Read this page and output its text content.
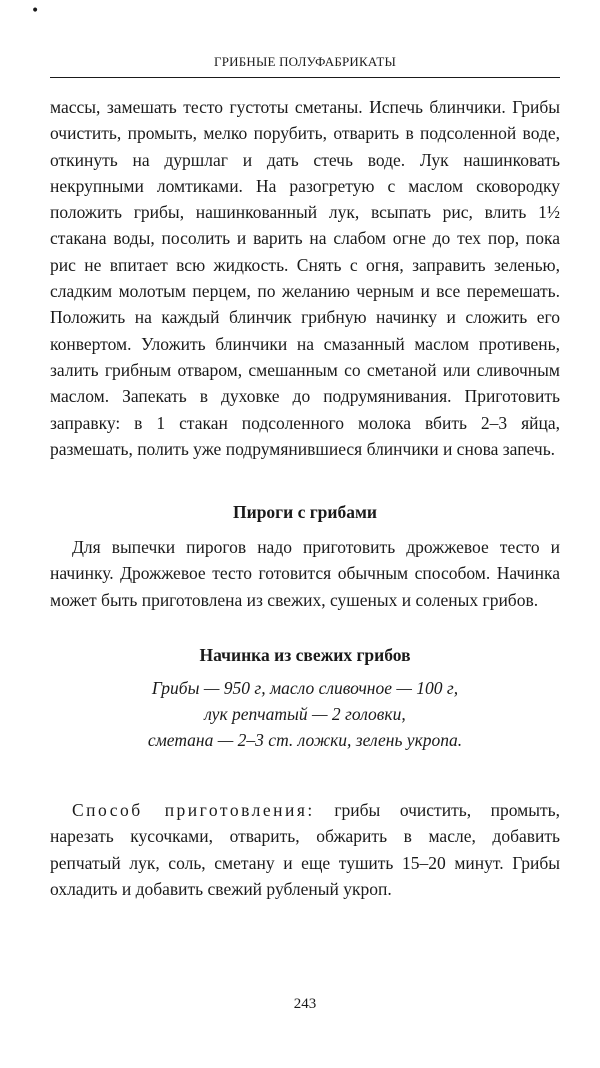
•
ГРИБНЫЕ ПОЛУФАБРИКАТЫ

массы, замешать тесто густоты сметаны. Испечь блинчики. Грибы очистить, промыть, мелко порубить, отварить в подсоленной воде, откинуть на дуршлаг и дать стечь воде. Лук нашинковать некрупными ломтиками. На разогретую с маслом сковородку положить грибы, нашинкованный лук, всыпать рис, влить 1½ стакана воды, посолить и варить на слабом огне до тех пор, пока рис не впитает всю жидкость. Снять с огня, заправить зеленью, сладким молотым перцем, по желанию черным и все перемешать. Положить на каждый блинчик грибную начинку и сложить его конвертом. Уложить блинчики на смазанный маслом противень, залить грибным отваром, смешанным со сметаной или сливочным маслом. Запекать в духовке до подрумянивания. Приготовить заправку: в 1 стакан подсоленного молока вбить 2–3 яйца, размешать, полить уже подрумянившиеся блинчики и снова запечь.

Пироги с грибами

Для выпечки пирогов надо приготовить дрожжевое тесто и начинку. Дрожжевое тесто готовится обычным способом. Начинка может быть приготовлена из свежих, сушеных и соленых грибов.

Начинка из свежих грибов
Грибы — 950 г, масло сливочное — 100 г,
лук репчатый — 2 головки,
сметана — 2–3 ст. ложки, зелень укропа.

Способ приготовления: грибы очистить, промыть, нарезать кусочками, отварить, обжарить в масле, добавить репчатый лук, соль, сметану и еще тушить 15–20 минут. Грибы охладить и добавить свежий рубленый укроп.

243
